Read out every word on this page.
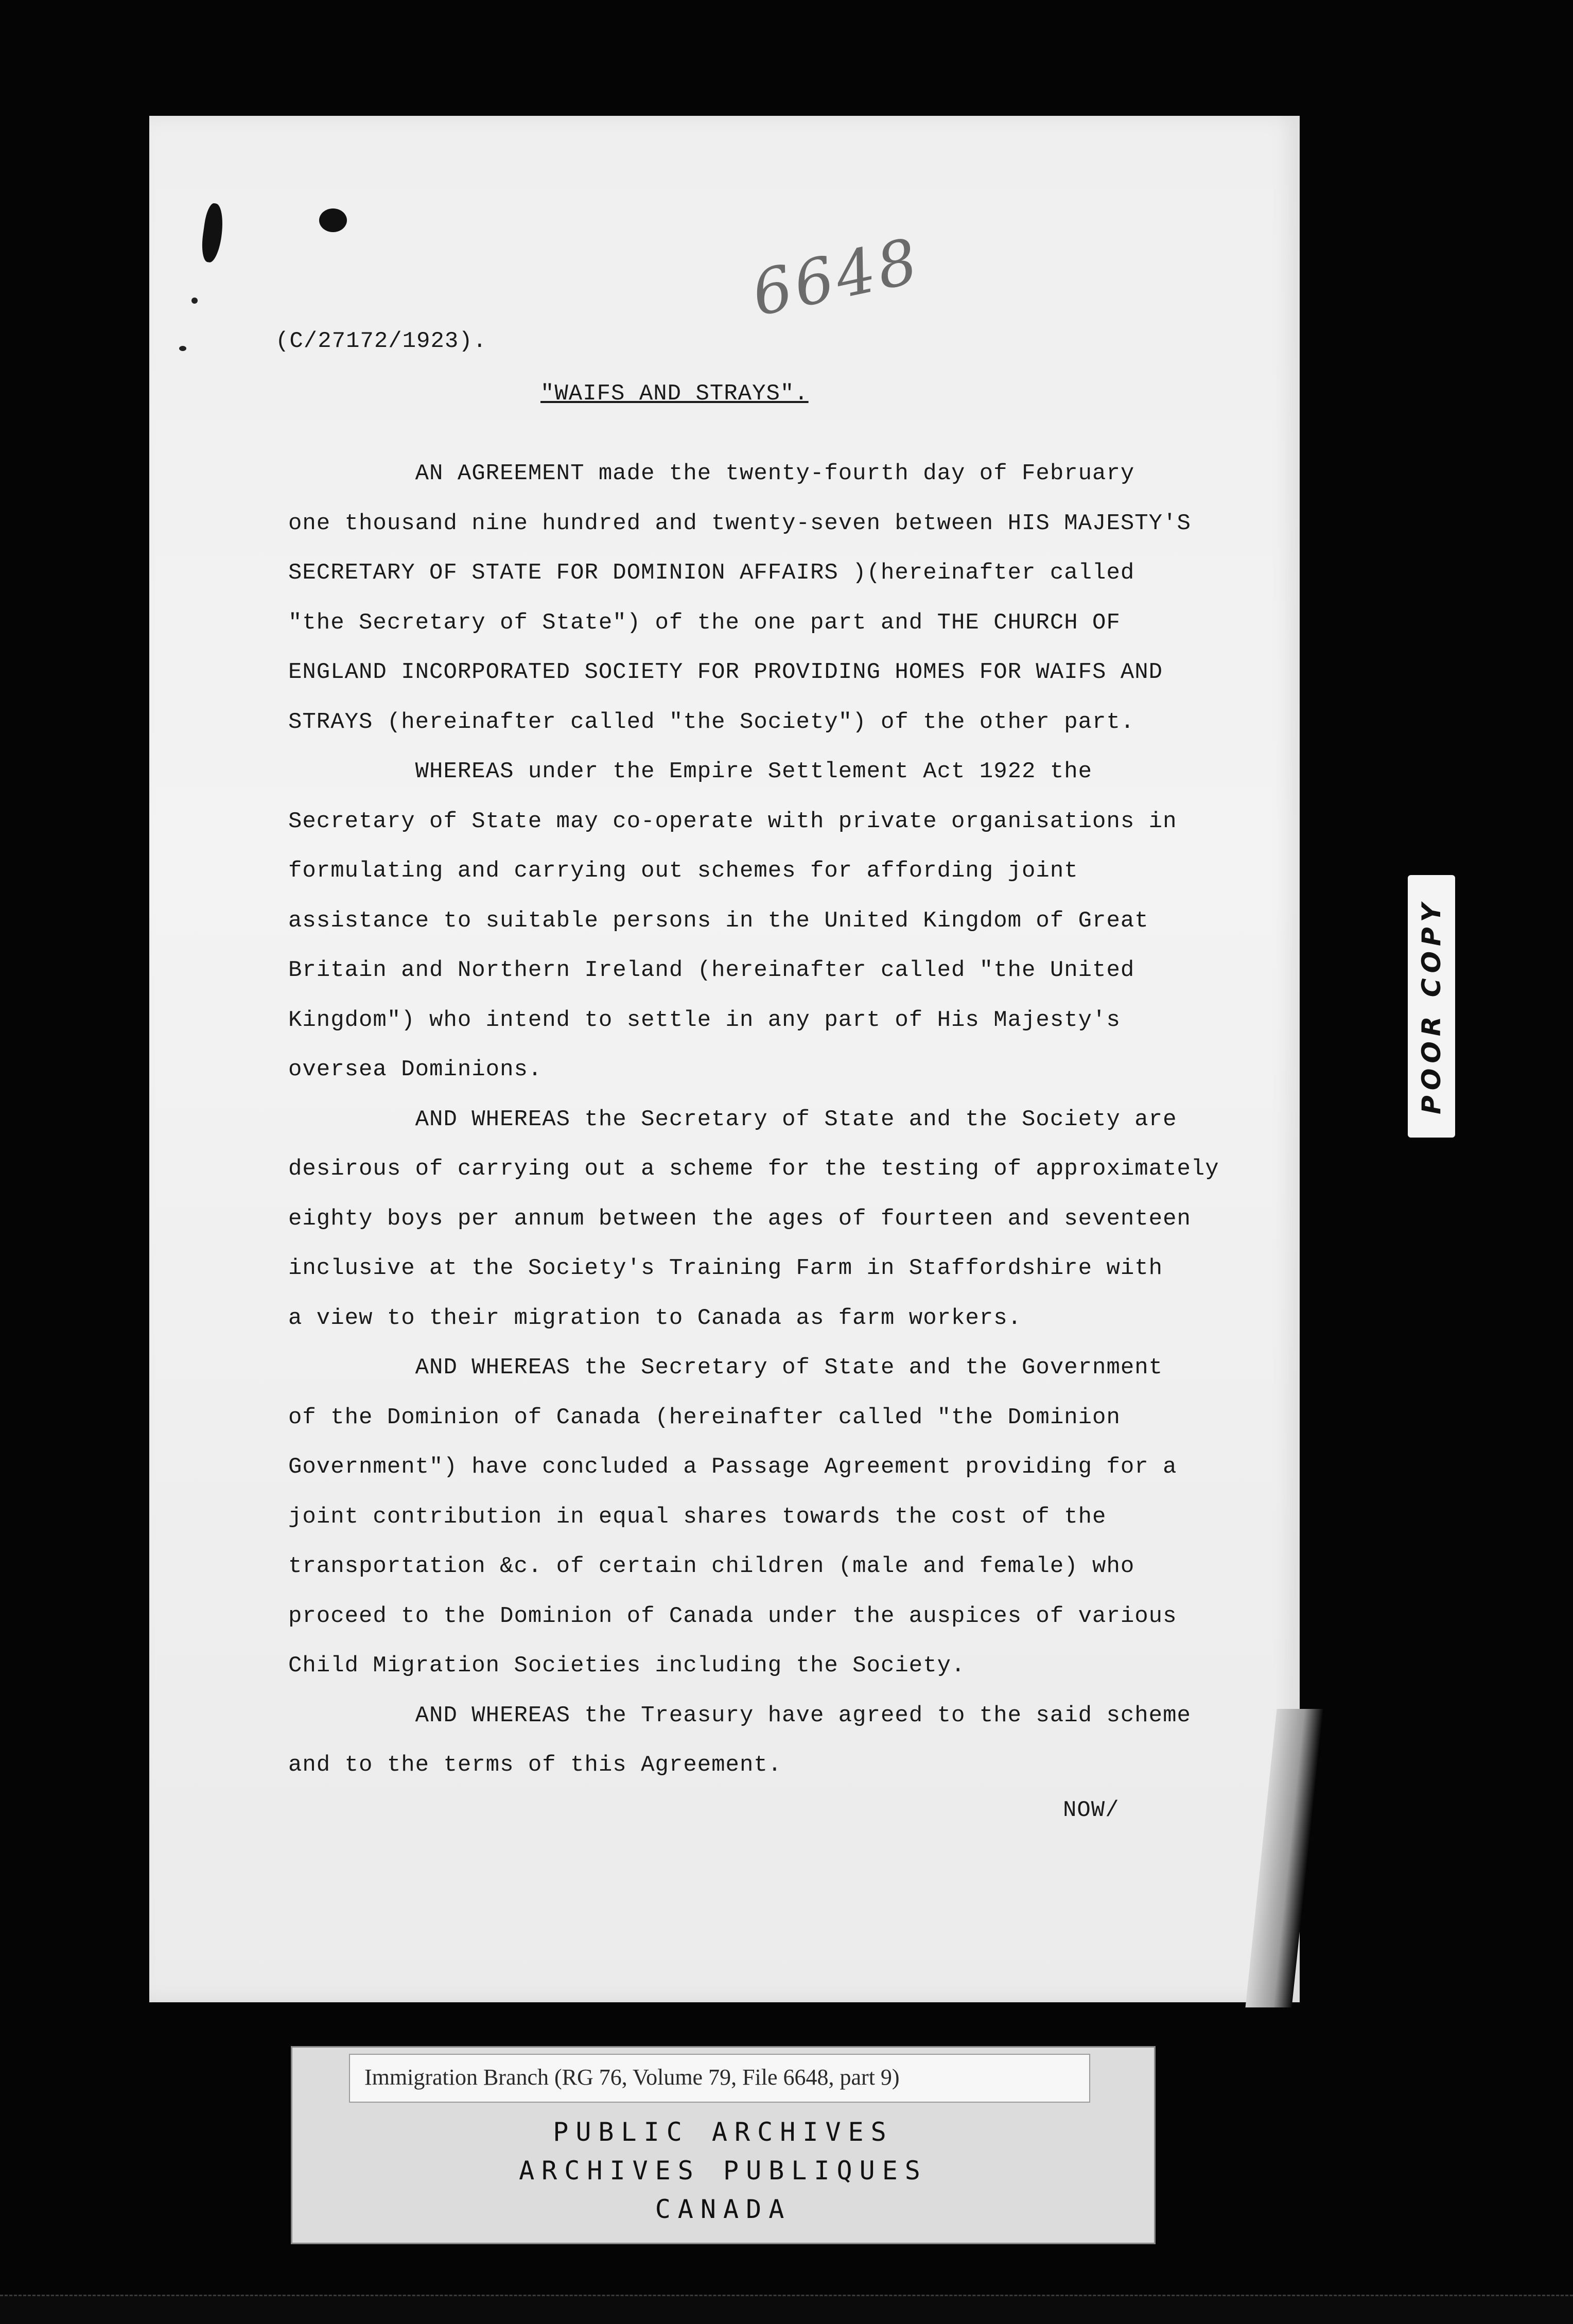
6648
(C/27172/1923).
"WAIFS AND STRAYS".
AN AGREEMENT made the twenty-fourth day of February
one thousand nine hundred and twenty-seven between HIS MAJESTY'S
SECRETARY OF STATE FOR DOMINION AFFAIRS )(hereinafter called
"the Secretary of State") of the one part and THE CHURCH OF
ENGLAND INCORPORATED SOCIETY FOR PROVIDING HOMES FOR WAIFS AND
STRAYS (hereinafter called "the Society") of the other part.
WHEREAS under the Empire Settlement Act 1922 the
Secretary of State may co-operate with private organisations in
formulating and carrying out schemes for affording joint
assistance to suitable persons in the United Kingdom of Great
Britain and Northern Ireland (hereinafter called "the United
Kingdom") who intend to settle in any part of His Majesty's
oversea Dominions.
AND WHEREAS the Secretary of State and the Society are
desirous of carrying out a scheme for the testing of approximately
eighty boys per annum between the ages of fourteen and seventeen
inclusive at the Society's Training Farm in Staffordshire with
a view to their migration to Canada as farm workers.
AND WHEREAS the Secretary of State and the Government
of the Dominion of Canada (hereinafter called "the Dominion
Government") have concluded a Passage Agreement providing for a
joint contribution in equal shares towards the cost of the
transportation &c. of certain children (male and female) who
proceed to the Dominion of Canada under the auspices of various
Child Migration Societies including the Society.
AND WHEREAS the Treasury have agreed to the said scheme
and to the terms of this Agreement.
NOW/
POOR COPY
Immigration Branch (RG 76, Volume 79, File 6648, part 9)
PUBLIC ARCHIVES
ARCHIVES PUBLIQUES
CANADA
